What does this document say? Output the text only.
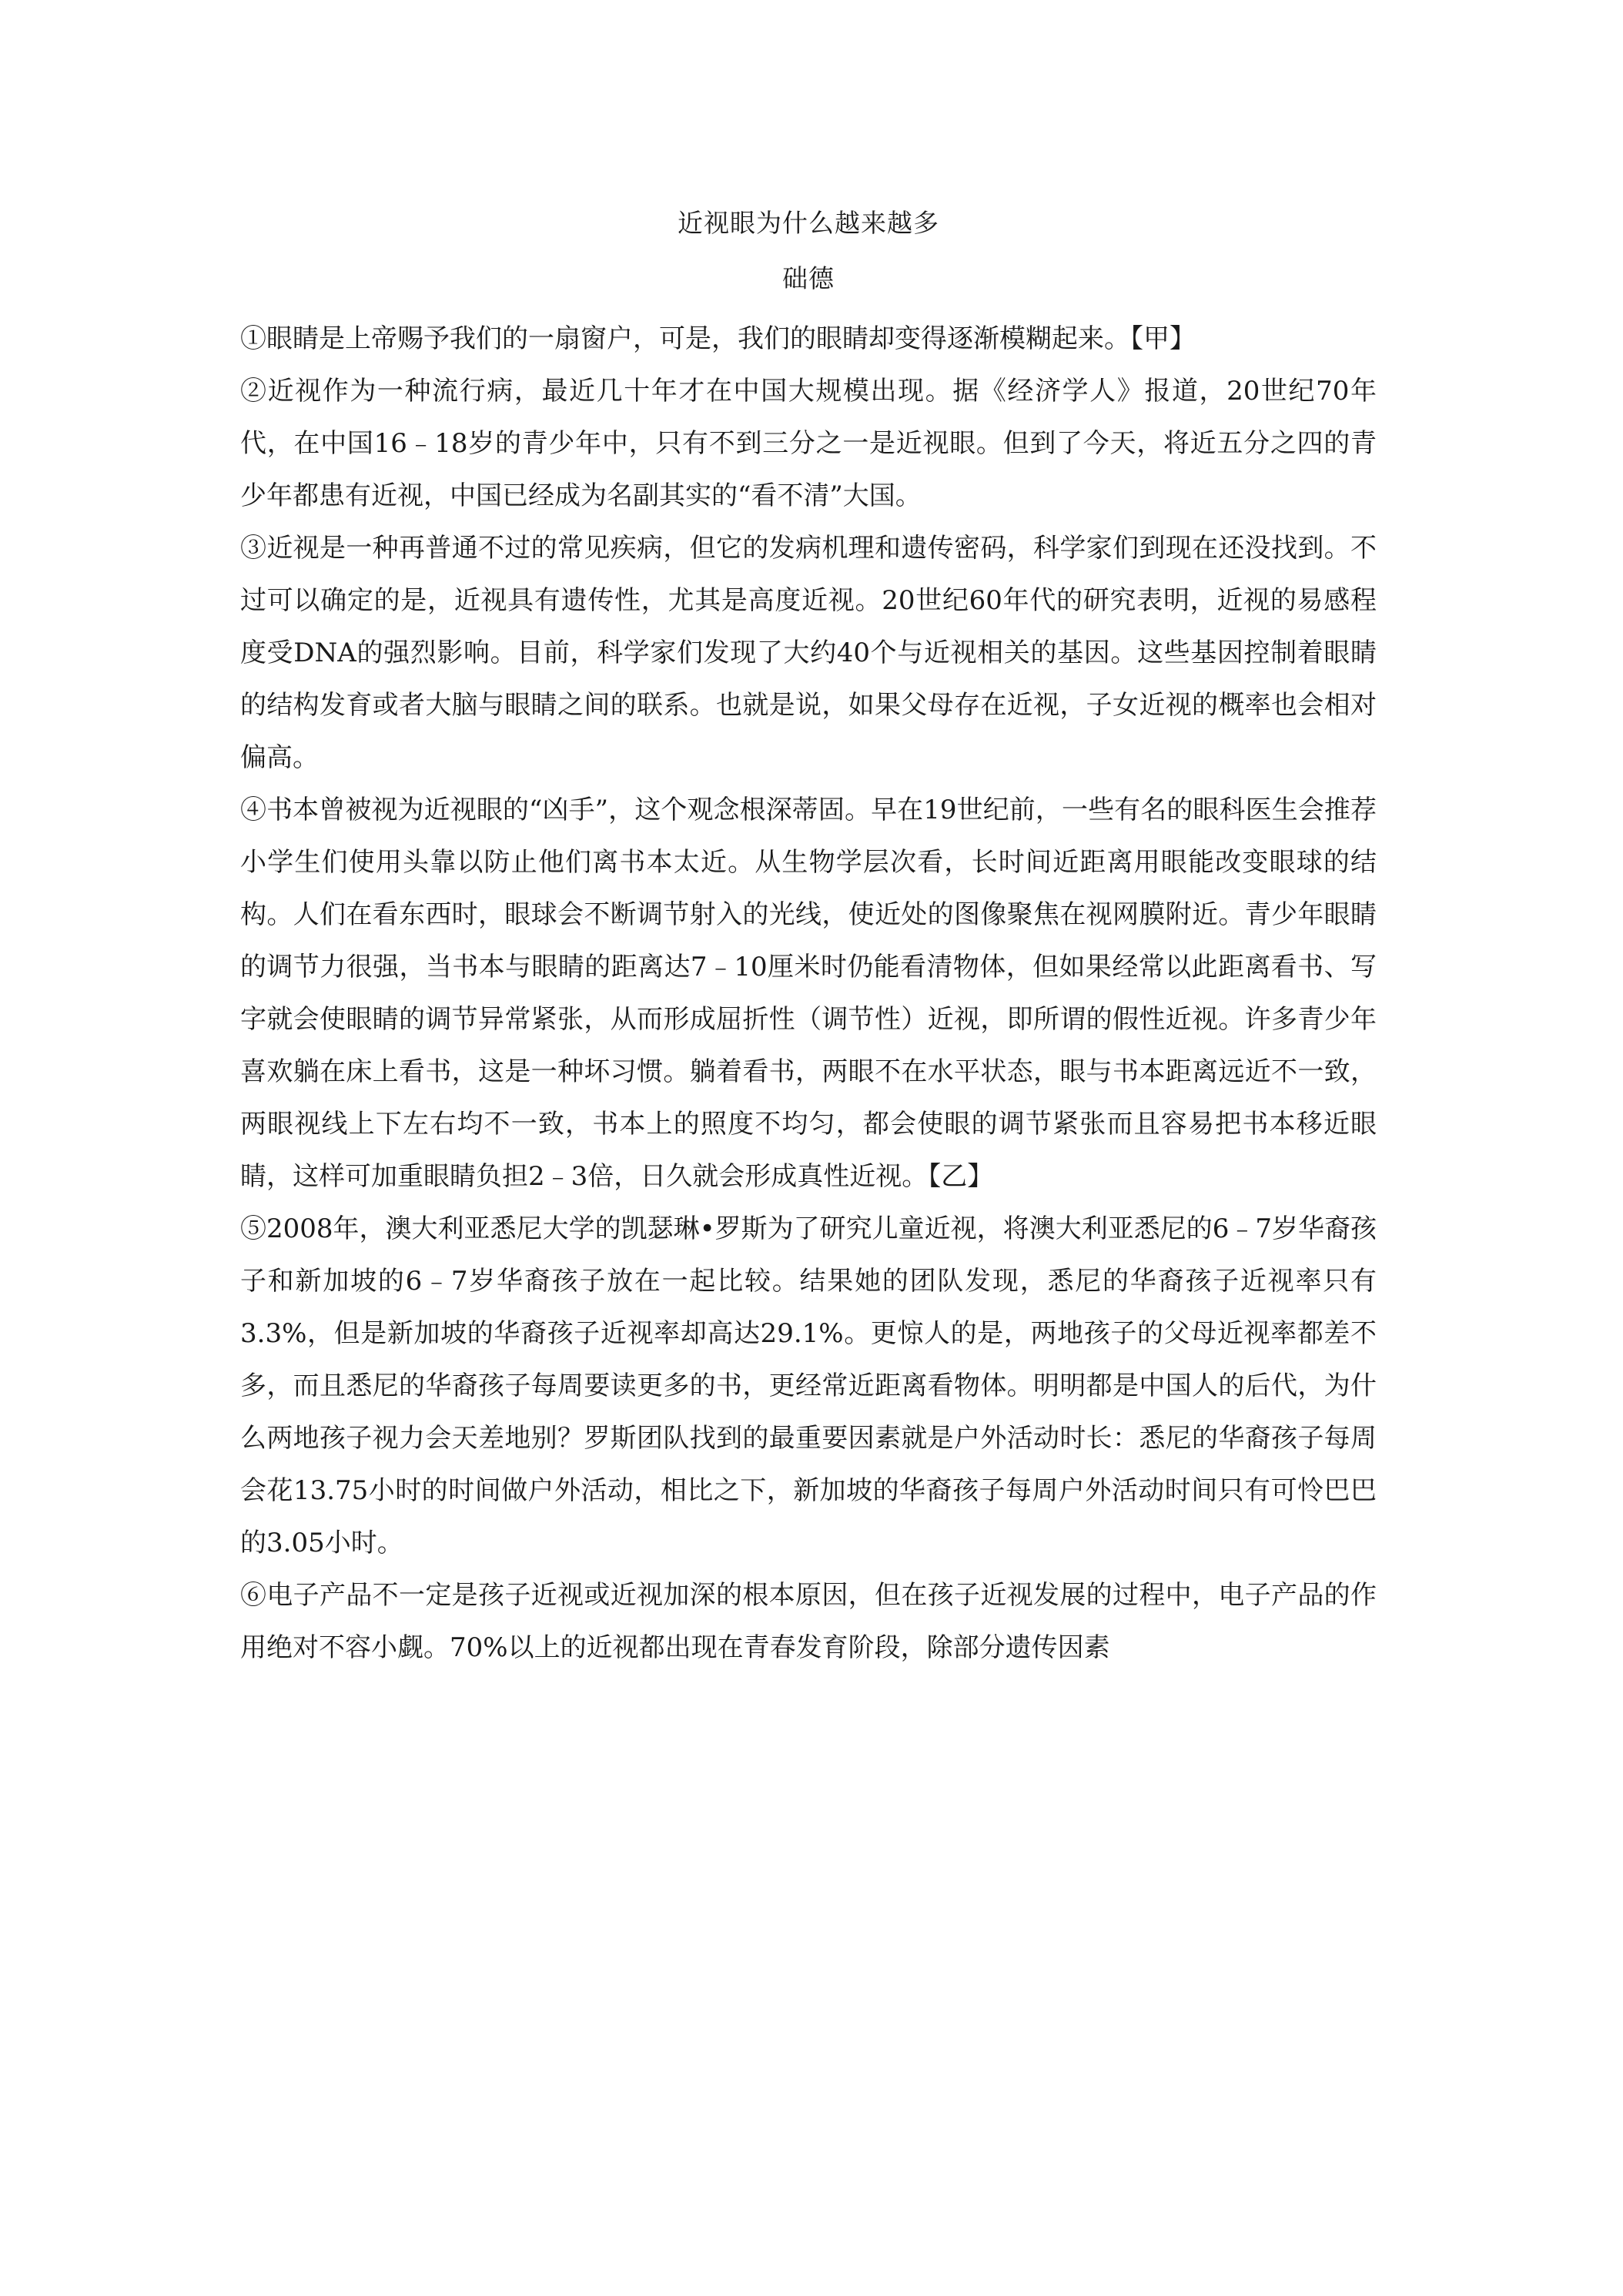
近视眼为什么越来越多
础德

①眼睛是上帝赐予我们的一扇窗户，可是，我们的眼睛却变得逐渐模糊起来。【甲】

②近视作为一种流行病，最近几十年才在中国大规模出现。据《经济学人》报道，20世纪70年代，在中国16﹣18岁的青少年中，只有不到三分之一是近视眼。但到了今天，将近五分之四的青少年都患有近视，中国已经成为名副其实的“看不清”大国。

③近视是一种再普通不过的常见疾病，但它的发病机理和遗传密码，科学家们到现在还没找到。不过可以确定的是，近视具有遗传性，尤其是高度近视。20世纪60年代的研究表明，近视的易感程度受DNA的强烈影响。目前，科学家们发现了大约40个与近视相关的基因。这些基因控制着眼睛的结构发育或者大脑与眼睛之间的联系。也就是说，如果父母存在近视，子女近视的概率也会相对偏高。

④书本曾被视为近视眼的“凶手”，这个观念根深蒂固。早在19世纪前，一些有名的眼科医生会推荐小学生们使用头靠以防止他们离书本太近。从生物学层次看，长时间近距离用眼能改变眼球的结构。人们在看东西时，眼球会不断调节射入的光线，使近处的图像聚焦在视网膜附近。青少年眼睛的调节力很强，当书本与眼睛的距离达7﹣10厘米时仍能看清物体，但如果经常以此距离看书、写字就会使眼睛的调节异常紧张，从而形成屈折性（调节性）近视，即所谓的假性近视。许多青少年喜欢躺在床上看书，这是一种坏习惯。躺着看书，两眼不在水平状态，眼与书本距离远近不一致，两眼视线上下左右均不一致，书本上的照度不均匀，都会使眼的调节紧张而且容易把书本移近眼睛，这样可加重眼睛负担2﹣3倍，日久就会形成真性近视。【乙】

⑤2008年，澳大利亚悉尼大学的凯瑟琳•罗斯为了研究儿童近视，将澳大利亚悉尼的6﹣7岁华裔孩子和新加坡的6﹣7岁华裔孩子放在一起比较。结果她的团队发现，悉尼的华裔孩子近视率只有3.3%，但是新加坡的华裔孩子近视率却高达29.1%。更惊人的是，两地孩子的父母近视率都差不多，而且悉尼的华裔孩子每周要读更多的书，更经常近距离看物体。明明都是中国人的后代，为什么两地孩子视力会天差地别？罗斯团队找到的最重要因素就是户外活动时长：悉尼的华裔孩子每周会花13.75小时的时间做户外活动，相比之下，新加坡的华裔孩子每周户外活动时间只有可怜巴巴的3.05小时。

⑥电子产品不一定是孩子近视或近视加深的根本原因，但在孩子近视发展的过程中，电子产品的作用绝对不容小觑。70%以上的近视都出现在青春发育阶段，除部分遗传因素
